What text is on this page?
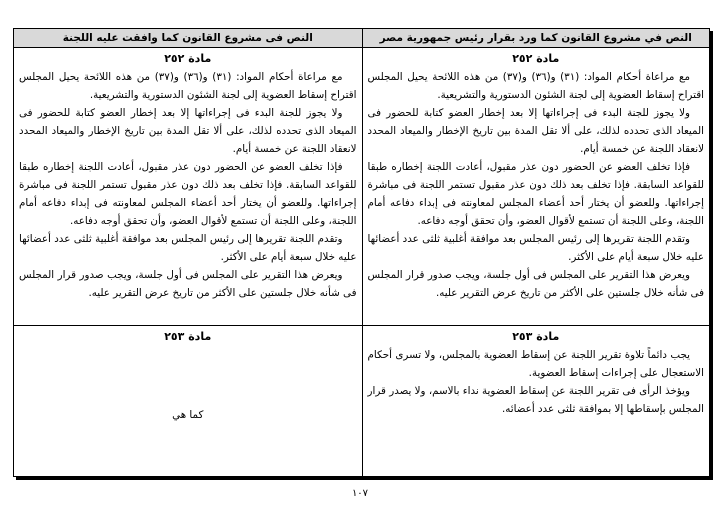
النص في مشروع القانون كما ورد بقرار رئيس جمهورية مصر
النص فى مشروع القانون كما وافقت عليه اللجنة
مادة ٢٥٢

مع مراعاة أحكام المواد: (٣١) و(٣٦) و(٣٧) من هذه اللائحة يحيل المجلس اقتراح إسقاط العضوية إلى لجنة الشئون الدستورية والتشريعية.

ولا يجوز للجنة البدء فى إجراءاتها إلا بعد إخطار العضو كتابة للحضور فى الميعاد الذى تحدده لذلك، على ألا تقل المدة بين تاريخ الإخطار والميعاد المحدد لانعقاد اللجنة عن خمسة أيام.

فإذا تخلف العضو عن الحضور دون عذر مقبول، أعادت اللجنة إخطاره طبقا للقواعد السابقة. فإذا تخلف بعد ذلك دون عذر مقبول تستمر اللجنة فى مباشرة إجراءاتها. وللعضو أن يختار أحد أعضاء المجلس لمعاونته فى إبداء دفاعه أمام اللجنة، وعلى اللجنة أن تستمع لأقوال العضو، وأن تحقق أوجه دفاعه.

وتقدم اللجنة تقريرها إلى رئيس المجلس بعد موافقة أغلبية ثلثى عدد أعضائها عليه خلال سبعة أيام على الأكثر.

ويعرض هذا التقرير على المجلس فى أول جلسة، ويجب صدور قرار المجلس فى شأنه خلال جلستين على الأكثر من تاريخ عرض التقرير عليه.

مادة ٢٥٢

مع مراعاة أحكام المواد: (٣١) و(٣٦) و(٣٧) من هذه اللائحة يحيل المجلس اقتراح إسقاط العضوية إلى لجنة الشئون الدستورية والتشريعية.

ولا يجوز للجنة البدء فى إجراءاتها إلا بعد إخطار العضو كتابة للحضور فى الميعاد الذى تحدده لذلك، على ألا تقل المدة بين تاريخ الإخطار والميعاد المحدد لانعقاد اللجنة عن خمسة أيام.

فإذا تخلف العضو عن الحضور دون عذر مقبول، أعادت اللجنة إخطاره طبقا للقواعد السابقة. فإذا تخلف بعد ذلك دون عذر مقبول تستمر اللجنة فى مباشرة إجراءاتها. وللعضو أن يختار أحد أعضاء المجلس لمعاونته فى إبداء دفاعه أمام اللجنة، وعلى اللجنة أن تستمع لأقوال العضو، وأن تحقق أوجه دفاعه.

وتقدم اللجنة تقريرها إلى رئيس المجلس بعد موافقة أغلبية ثلثى عدد أعضائها عليه خلال سبعة أيام على الأكثر.

ويعرض هذا التقرير على المجلس فى أول جلسة، ويجب صدور قرار المجلس فى شأنه خلال جلستين على الأكثر من تاريخ عرض التقرير عليه.

مادة ٢٥٣

يجب دائماً تلاوة تقرير اللجنة عن إسقاط العضوية بالمجلس، ولا تسرى أحكام الاستعجال على إجراءات إسقاط العضوية.

ويؤخذ الرأى فى تقرير اللجنة عن إسقاط العضوية نداء بالاسم، ولا يصدر قرار المجلس بإسقاطها إلا بموافقة ثلثى عدد أعضائه.

مادة ٢٥٣

كما هي

١٠٧
